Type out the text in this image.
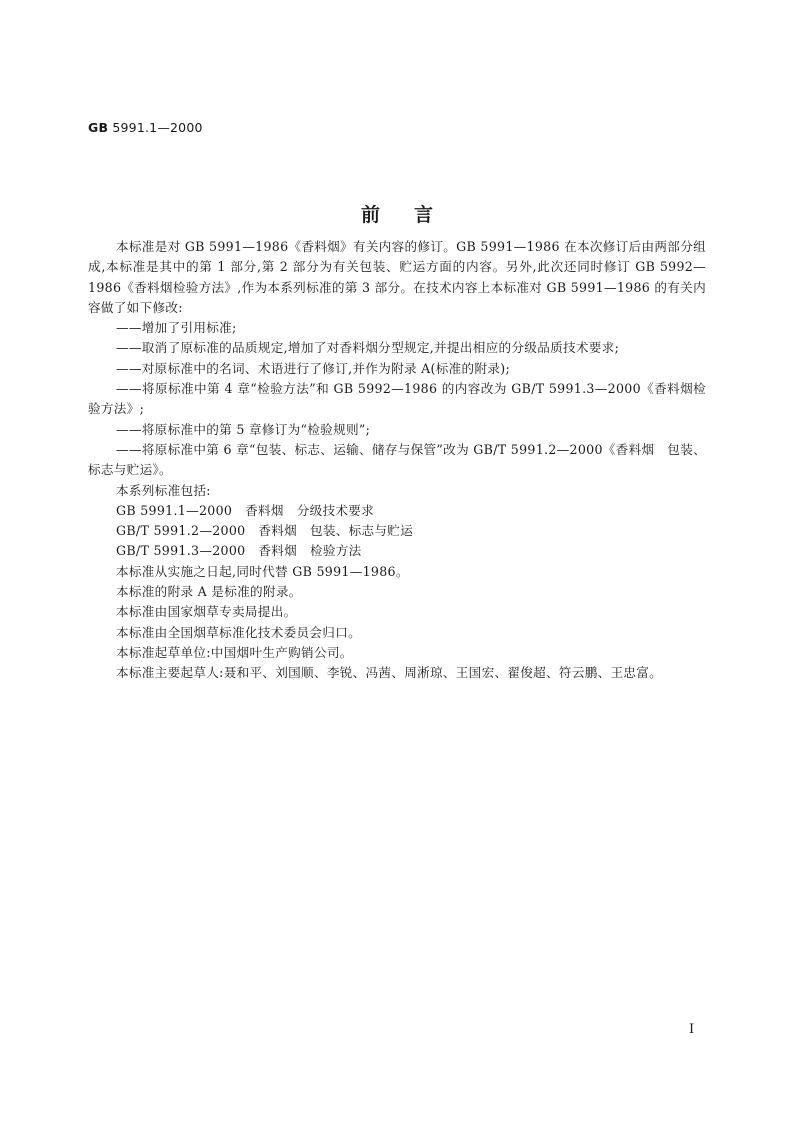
GB 5991.1—2000
前言

本标准是对 GB 5991—1986《香料烟》有关内容的修订。GB 5991—1986 在本次修订后由两部分组成,本标准是其中的第 1 部分,第 2 部分为有关包装、贮运方面的内容。另外,此次还同时修订 GB 5992—1986《香料烟检验方法》,作为本系列标准的第 3 部分。在技术内容上本标准对 GB 5991—1986 的有关内容做了如下修改:

——增加了引用标准;

——取消了原标准的品质规定,增加了对香料烟分型规定,并提出相应的分级品质技术要求;

——对原标准中的名词、术语进行了修订,并作为附录 A(标准的附录);

——将原标准中第 4 章“检验方法”和 GB 5992—1986 的内容改为 GB/T 5991.3—2000《香料烟检验方法》;

——将原标准中的第 5 章修订为“检验规则”;

——将原标准中第 6 章“包装、标志、运输、储存与保管”改为 GB/T 5991.2—2000《香料烟　包装、标志与贮运》。

本系列标准包括:

GB 5991.1—2000　香料烟　分级技术要求

GB/T 5991.2—2000　香料烟　包装、标志与贮运

GB/T 5991.3—2000　香料烟　检验方法

本标准从实施之日起,同时代替 GB 5991—1986。

本标准的附录 A 是标准的附录。

本标准由国家烟草专卖局提出。

本标准由全国烟草标准化技术委员会归口。

本标准起草单位:中国烟叶生产购销公司。

本标准主要起草人:聂和平、刘国顺、李锐、冯茜、周淅琼、王国宏、翟俊超、符云鹏、王忠富。

I
